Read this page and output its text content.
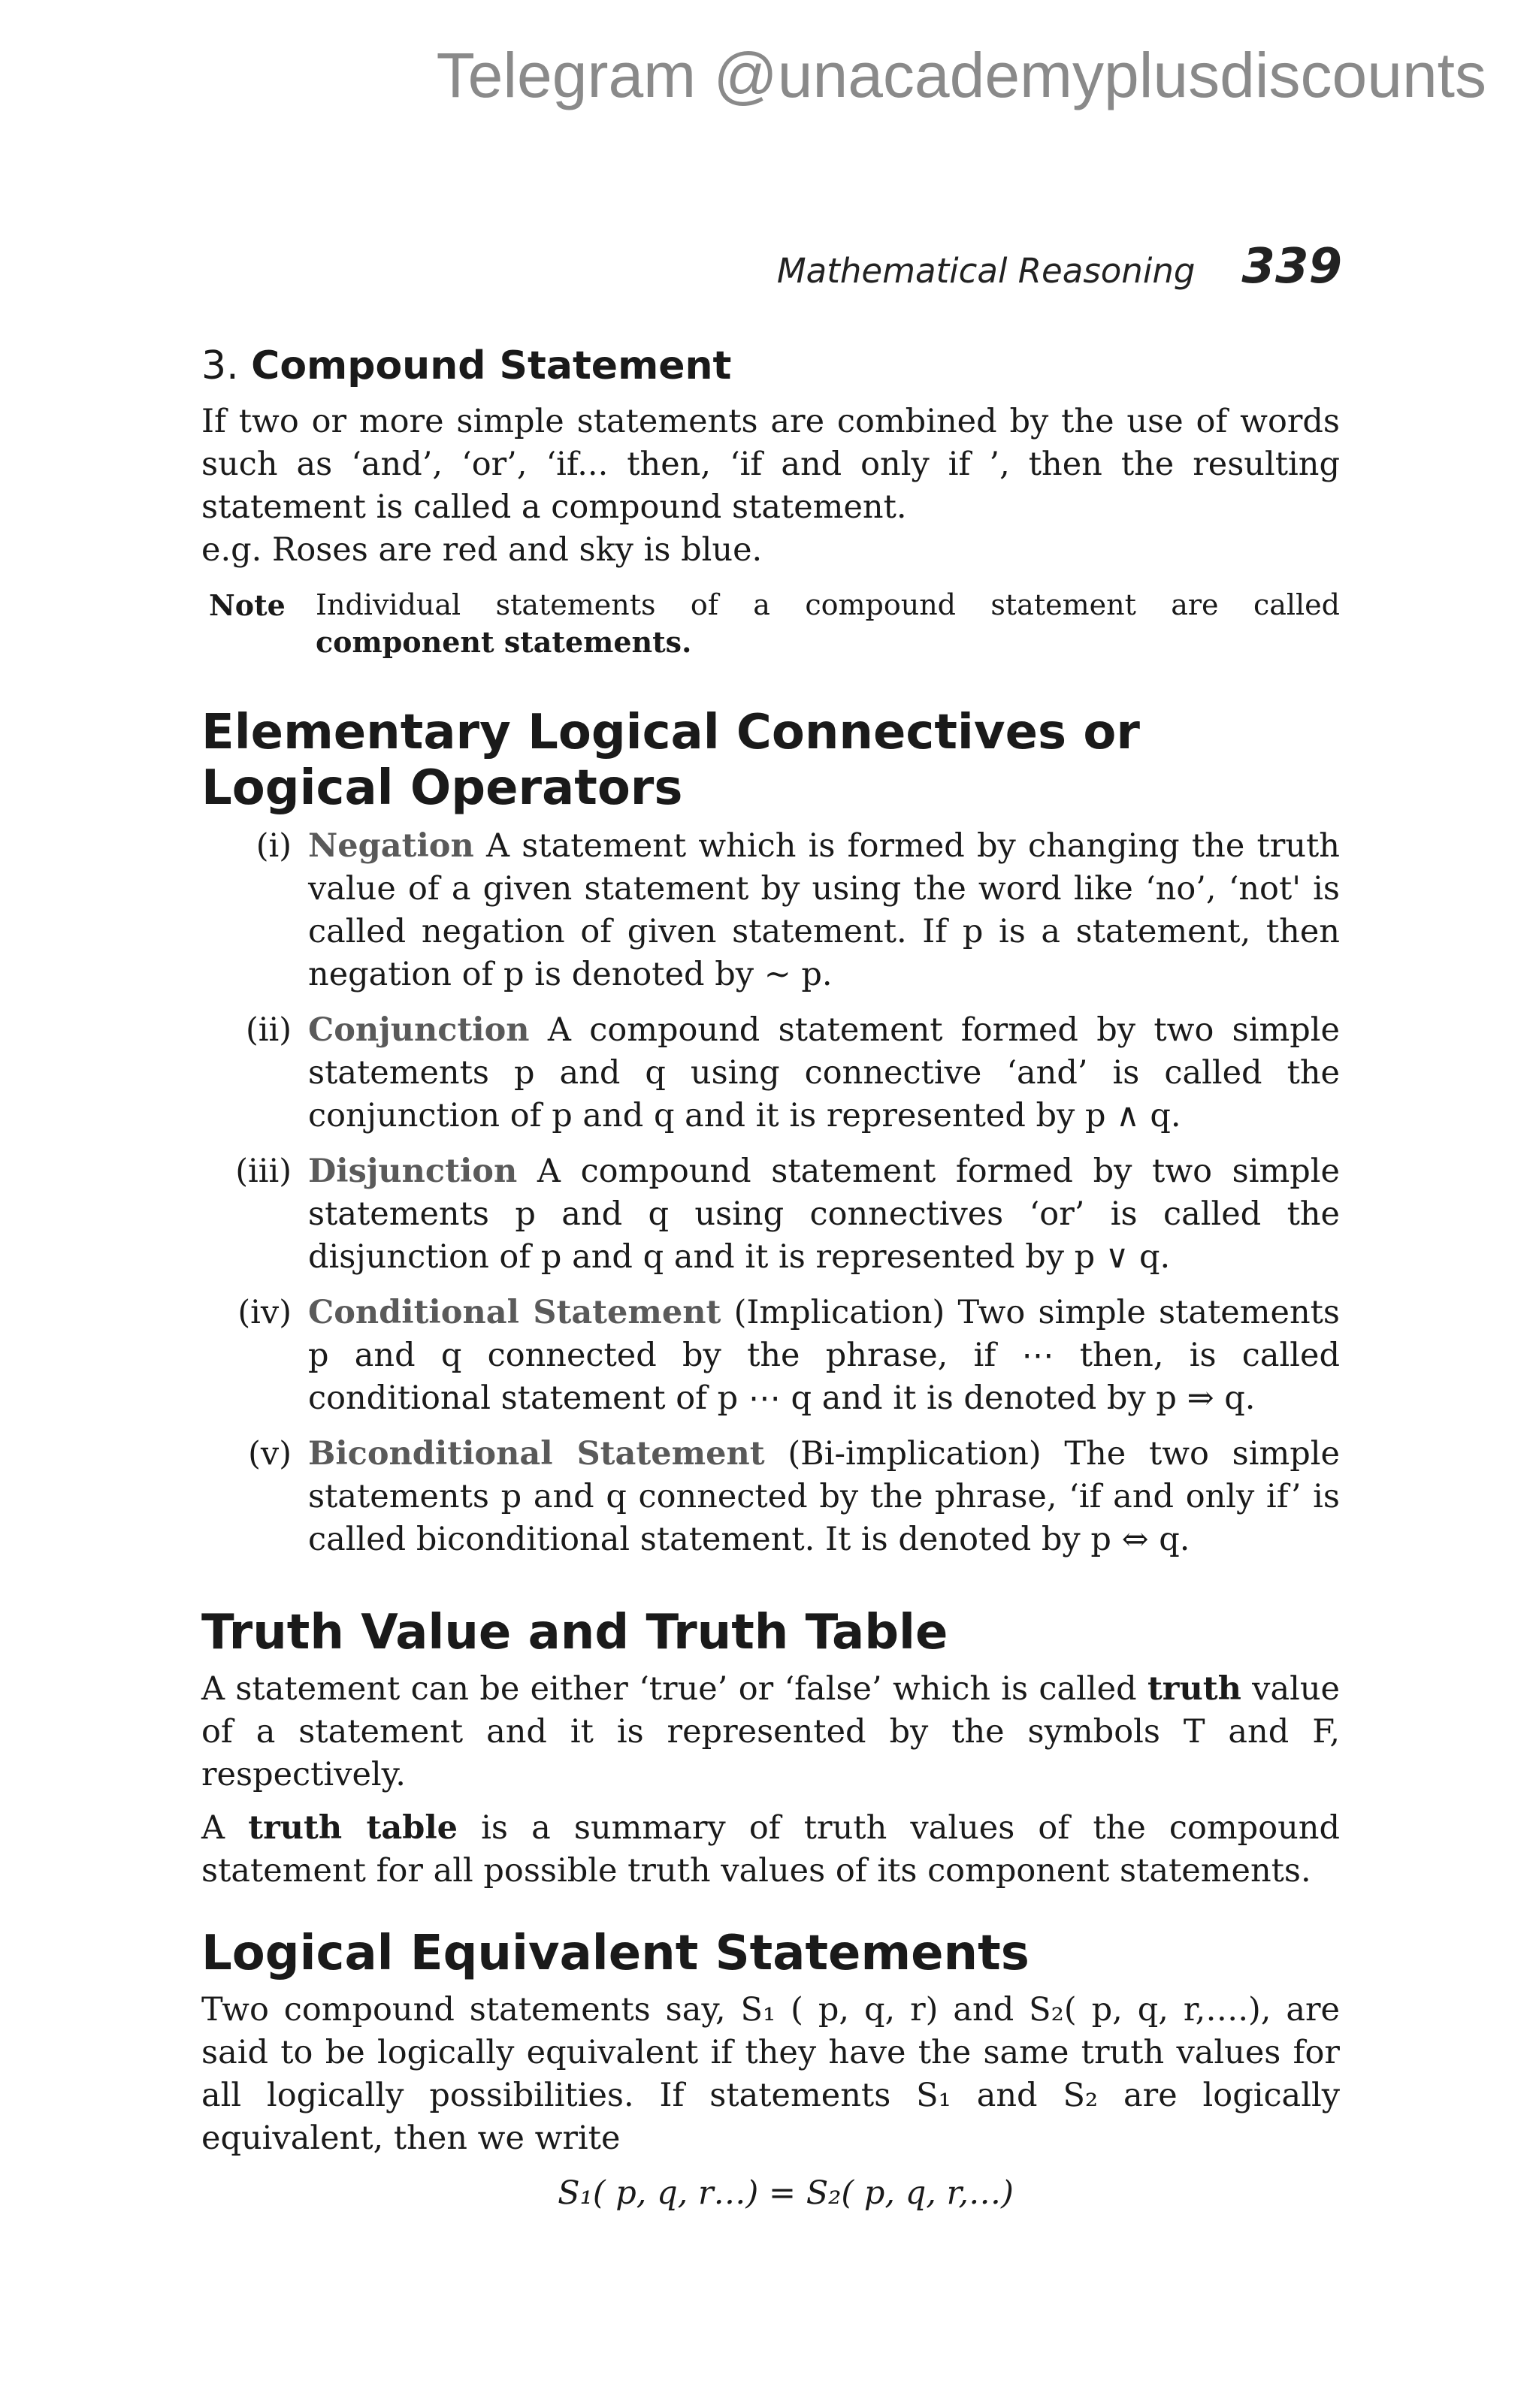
Telegram @unacademyplusdiscounts
Mathematical Reasoning 339
3. Compound Statement

If two or more simple statements are combined by the use of words such as ‘and’, ‘or’, ‘if... then, ‘if and only if ’, then the resulting statement is called a compound statement.

e.g. Roses are red and sky is blue.

Note	Individual statements of a compound statement are called component statements.
Elementary Logical Connectives or
Logical Operators
(i) Negation A statement which is formed by changing the truth value of a given statement by using the word like ‘no’, ‘not' is called negation of given statement. If p is a statement, then negation of p is denoted by ~ p.
(ii) Conjunction A compound statement formed by two simple statements p and q using connective ‘and’ is called the conjunction of p and q and it is represented by p ∧ q.
(iii) Disjunction A compound statement formed by two simple statements p and q using connectives ‘or’ is called the disjunction of p and q and it is represented by p ∨ q.
(iv) Conditional Statement (Implication) Two simple statements p and q connected by the phrase, if ⋯ then, is called conditional statement of p ⋯ q and it is denoted by p ⇒ q.
(v) Biconditional Statement (Bi-implication) The two simple statements p and q connected by the phrase, ‘if and only if’ is called biconditional statement. It is denoted by p ⇔ q.
Truth Value and Truth Table

A statement can be either ‘true’ or ‘false’ which is called truth value of a statement and it is represented by the symbols T and F, respectively.

A truth table is a summary of truth values of the compound statement for all possible truth values of its component statements.

Logical Equivalent Statements

Two compound statements say, S₁ ( p, q, r) and S₂( p, q, r,….), are said to be logically equivalent if they have the same truth values for all logically possibilities. If statements S₁ and S₂ are logically equivalent, then we write

S₁( p, q, r…) = S₂( p, q, r,…)
